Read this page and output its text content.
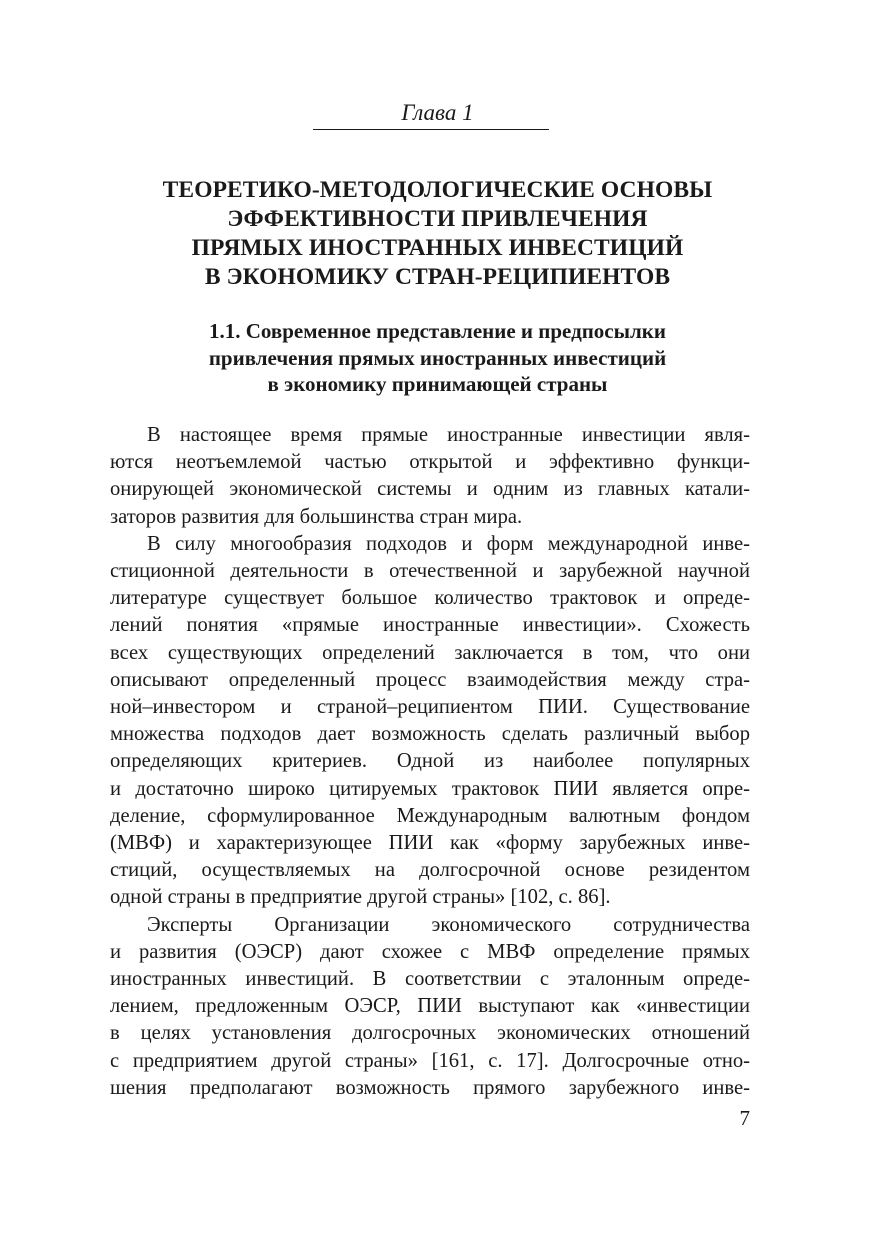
Глава 1
ТЕОРЕТИКО-МЕТОДОЛОГИЧЕСКИЕ ОСНОВЫ
ЭФФЕКТИВНОСТИ ПРИВЛЕЧЕНИЯ
ПРЯМЫХ ИНОСТРАННЫХ ИНВЕСТИЦИЙ
В ЭКОНОМИКУ СТРАН-РЕЦИПИЕНТОВ
1.1. Современное представление и предпосылки
привлечения прямых иностранных инвестиций
в экономику принимающей страны

В настоящее время прямые иностранные инвестиции явля-
ются неотъемлемой частью открытой и эффективно функци-
онирующей экономической системы и одним из главных катали-
заторов развития для большинства стран мира.

В силу многообразия подходов и форм международной инве-
стиционной деятельности в отечественной и зарубежной научной
литературе существует большое количество трактовок и опреде-
лений понятия «прямые иностранные инвестиции». Схожесть
всех существующих определений заключается в том, что они
описывают определенный процесс взаимодействия между стра-
ной–инвестором и страной–реципиентом ПИИ. Существование
множества подходов дает возможность сделать различный выбор
определяющих критериев. Одной из наиболее популярных
и достаточно широко цитируемых трактовок ПИИ является опре-
деление, сформулированное Международным валютным фондом
(МВФ) и характеризующее ПИИ как «форму зарубежных инве-
стиций, осуществляемых на долгосрочной основе резидентом
одной страны в предприятие другой страны» [102, с. 86].

Эксперты Организации экономического сотрудничества
и развития (ОЭСР) дают схожее с МВФ определение прямых
иностранных инвестиций. В соответствии с эталонным опреде-
лением, предложенным ОЭСР, ПИИ выступают как «инвестиции
в целях установления долгосрочных экономических отношений
с предприятием другой страны» [161, с. 17]. Долгосрочные отно-
шения предполагают возможность прямого зарубежного инве-

7
